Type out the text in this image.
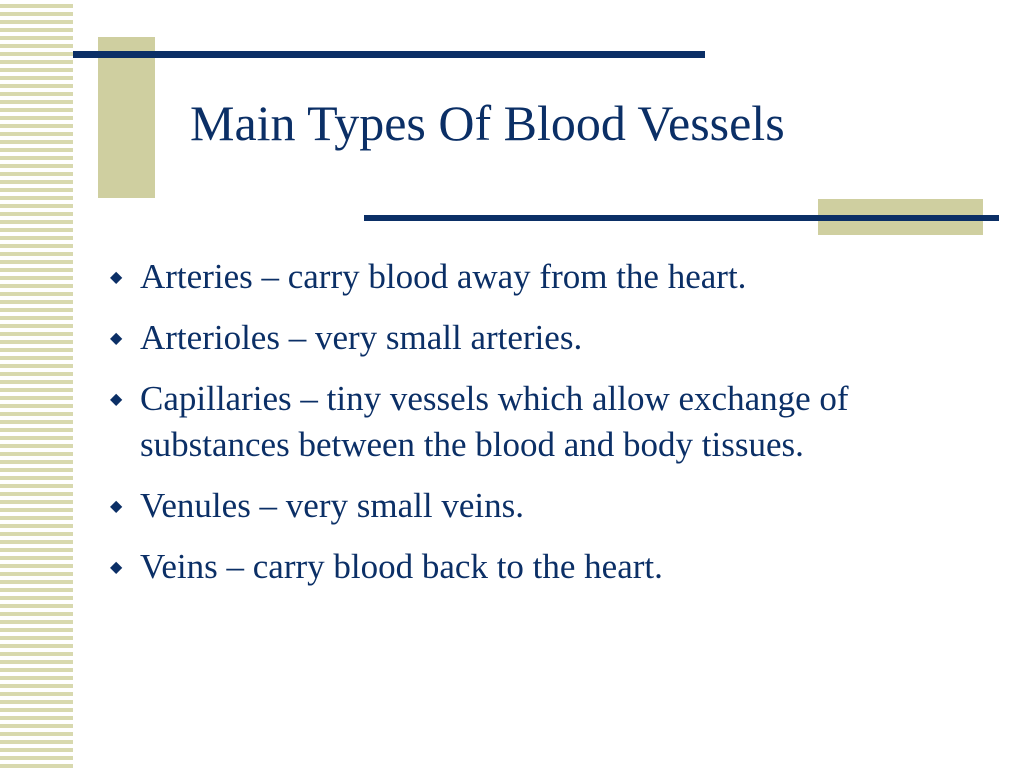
Main Types Of Blood Vessels
◆ Arteries – carry blood away from the heart.
◆ Arterioles – very small arteries.
◆ Capillaries – tiny vessels which allow exchange of substances between the blood and body tissues.
◆ Venules – very small veins.
◆ Veins – carry blood back to the heart.
